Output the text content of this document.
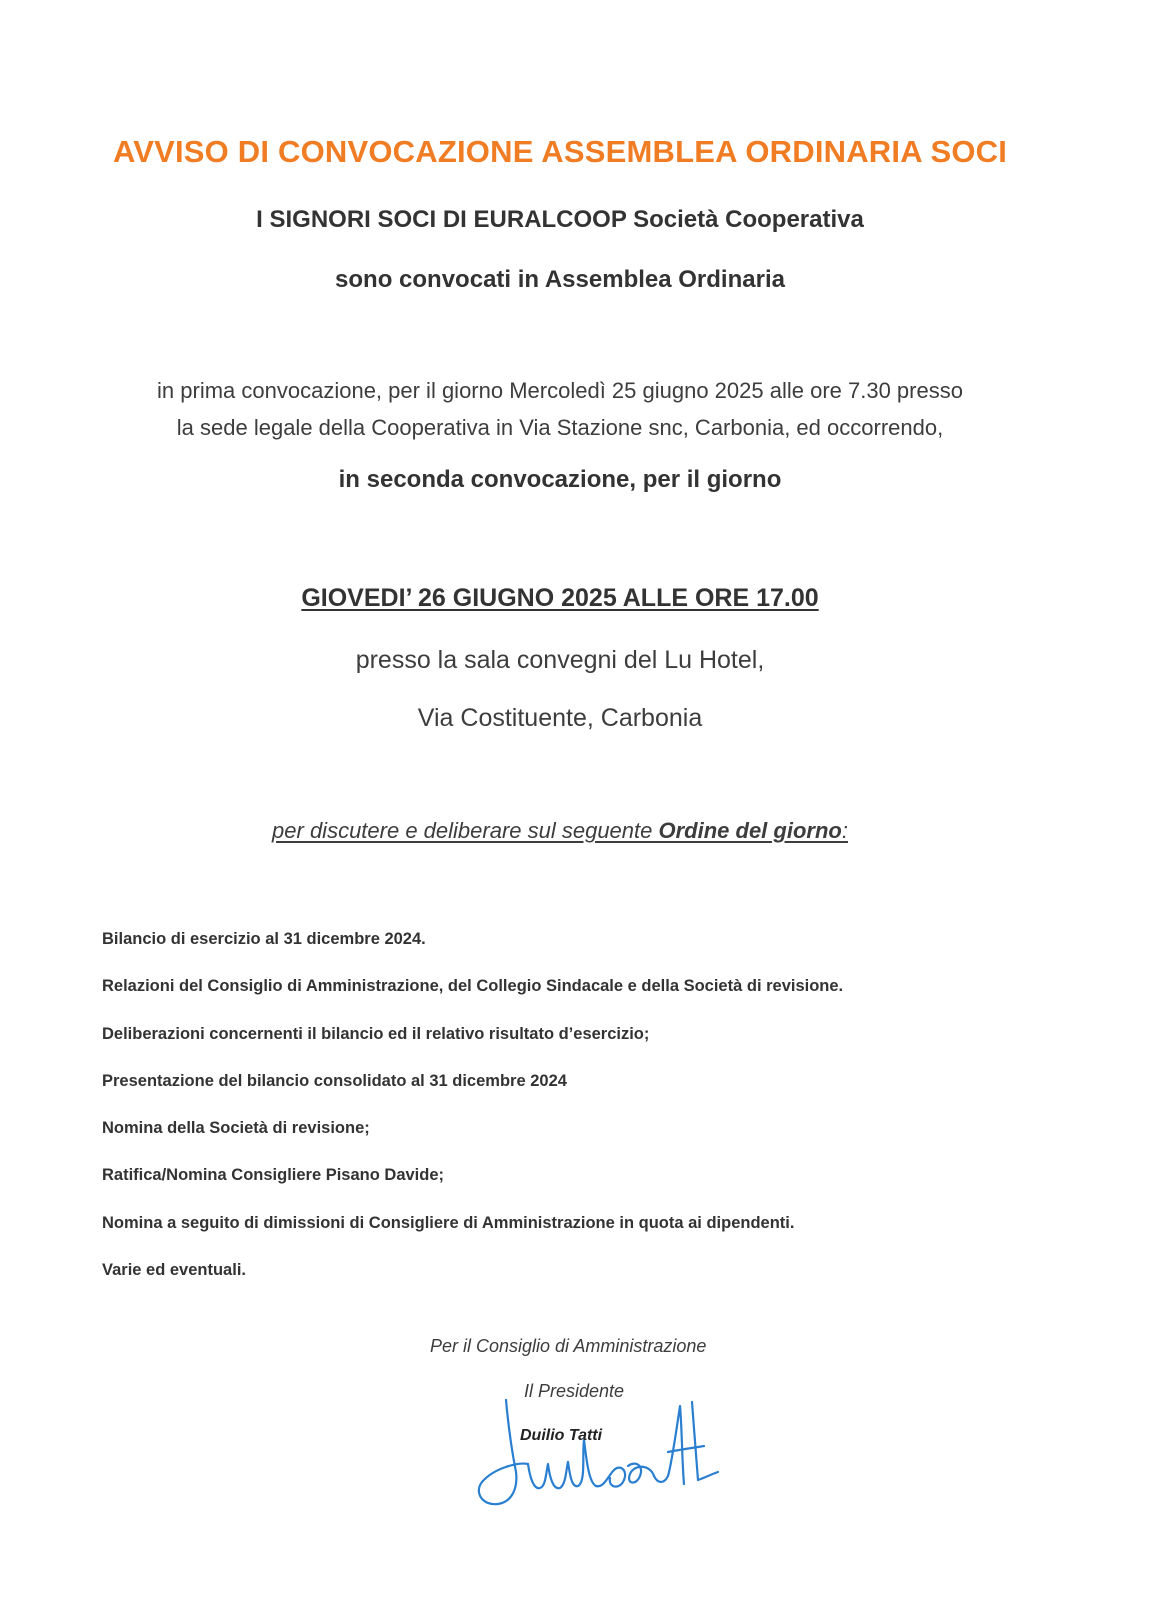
AVVISO DI CONVOCAZIONE ASSEMBLEA ORDINARIA SOCI
I SIGNORI SOCI DI EURALCOOP Società Cooperativa
sono convocati in Assemblea Ordinaria
in prima convocazione, per il giorno Mercoledì 25 giugno 2025 alle ore 7.30 presso
la sede legale della Cooperativa in Via Stazione snc, Carbonia, ed occorrendo,
in seconda convocazione, per il giorno
GIOVEDI’ 26 GIUGNO 2025 ALLE ORE 17.00
presso la sala convegni del Lu Hotel,
Via Costituente, Carbonia
per discutere e deliberare sul seguente Ordine del giorno:
Bilancio di esercizio al 31 dicembre 2024.
Relazioni del Consiglio di Amministrazione, del Collegio Sindacale e della Società di revisione.
Deliberazioni concernenti il bilancio ed il relativo risultato d’esercizio;
Presentazione del bilancio consolidato al 31 dicembre 2024
Nomina della Società di revisione;
Ratifica/Nomina Consigliere Pisano Davide;
Nomina a seguito di dimissioni di Consigliere di Amministrazione in quota ai dipendenti.
Varie ed eventuali.
Per il Consiglio di Amministrazione
Il Presidente
Duilio Tatti
